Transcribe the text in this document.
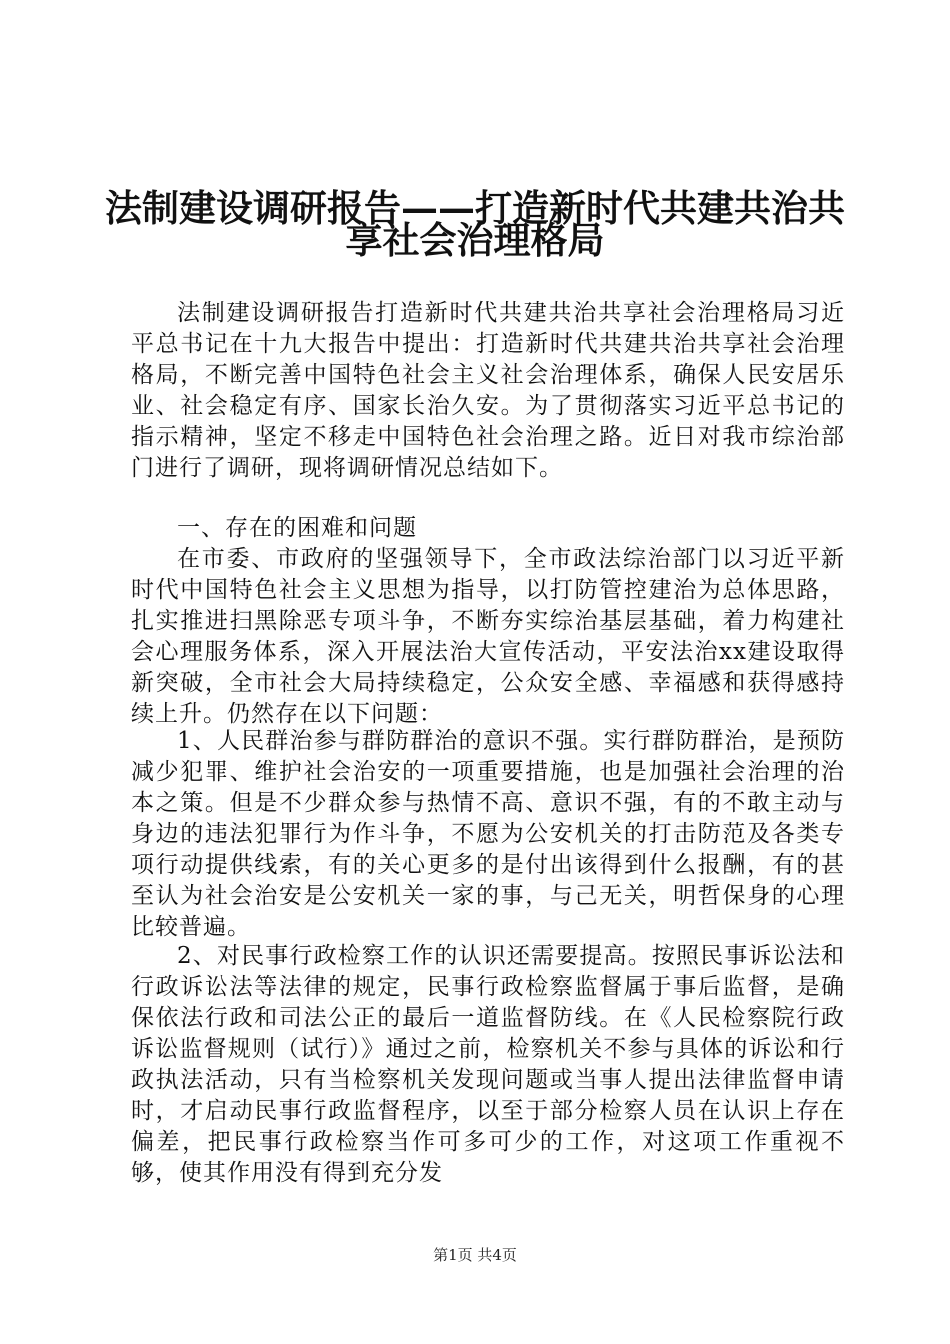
法制建设调研报告——打造新时代共建共治共
享社会治理格局

法制建设调研报告打造新时代共建共治共享社会治理格局习近平总书记在十九大报告中提出：打造新时代共建共治共享社会治理格局，不断完善中国特色社会主义社会治理体系，确保人民安居乐业、社会稳定有序、国家长治久安。为了贯彻落实习近平总书记的指示精神，坚定不移走中国特色社会治理之路。近日对我市综治部门进行了调研，现将调研情况总结如下。

一、存在的困难和问题

在市委、市政府的坚强领导下，全市政法综治部门以习近平新时代中国特色社会主义思想为指导，以打防管控建治为总体思路，扎实推进扫黑除恶专项斗争，不断夯实综治基层基础，着力构建社会心理服务体系，深入开展法治大宣传活动，平安法治xx建设取得新突破，全市社会大局持续稳定，公众安全感、幸福感和获得感持续上升。仍然存在以下问题：

1、人民群治参与群防群治的意识不强。实行群防群治，是预防减少犯罪、维护社会治安的一项重要措施，也是加强社会治理的治本之策。但是不少群众参与热情不高、意识不强，有的不敢主动与身边的违法犯罪行为作斗争，不愿为公安机关的打击防范及各类专项行动提供线索，有的关心更多的是付出该得到什么报酬，有的甚至认为社会治安是公安机关一家的事，与己无关，明哲保身的心理比较普遍。

2、对民事行政检察工作的认识还需要提高。按照民事诉讼法和行政诉讼法等法律的规定，民事行政检察监督属于事后监督，是确保依法行政和司法公正的最后一道监督防线。在《人民检察院行政诉讼监督规则（试行）》通过之前，检察机关不参与具体的诉讼和行政执法活动，只有当检察机关发现问题或当事人提出法律监督申请时，才启动民事行政监督程序，以至于部分检察人员在认识上存在偏差，把民事行政检察当作可多可少的工作，对这项工作重视不够，使其作用没有得到充分发

第1页 共4页
